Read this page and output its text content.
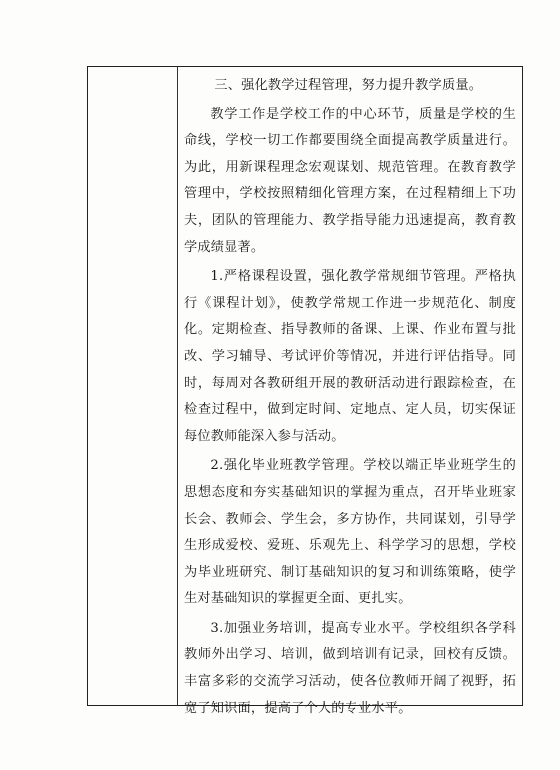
三、强化教学过程管理，努力提升教学质量。

教学工作是学校工作的中心环节，质量是学校的生命线，学校一切工作都要围绕全面提高教学质量进行。为此，用新课程理念宏观谋划、规范管理。在教育教学管理中，学校按照精细化管理方案，在过程精细上下功夫，团队的管理能力、教学指导能力迅速提高，教育教学成绩显著。

1.严格课程设置，强化教学常规细节管理。严格执行《课程计划》，使教学常规工作进一步规范化、制度化。定期检查、指导教师的备课、上课、作业布置与批改、学习辅导、考试评价等情况，并进行评估指导。同时，每周对各教研组开展的教研活动进行跟踪检查，在检查过程中，做到定时间、定地点、定人员，切实保证每位教师能深入参与活动。

2.强化毕业班教学管理。学校以端正毕业班学生的思想态度和夯实基础知识的掌握为重点，召开毕业班家长会、教师会、学生会，多方协作，共同谋划，引导学生形成爱校、爱班、乐观先上、科学学习的思想，学校为毕业班研究、制订基础知识的复习和训练策略，使学生对基础知识的掌握更全面、更扎实。

3.加强业务培训，提高专业水平。学校组织各学科教师外出学习、培训，做到培训有记录，回校有反馈。丰富多彩的交流学习活动，使各位教师开阔了视野，拓宽了知识面，提高了个人的专业水平。
